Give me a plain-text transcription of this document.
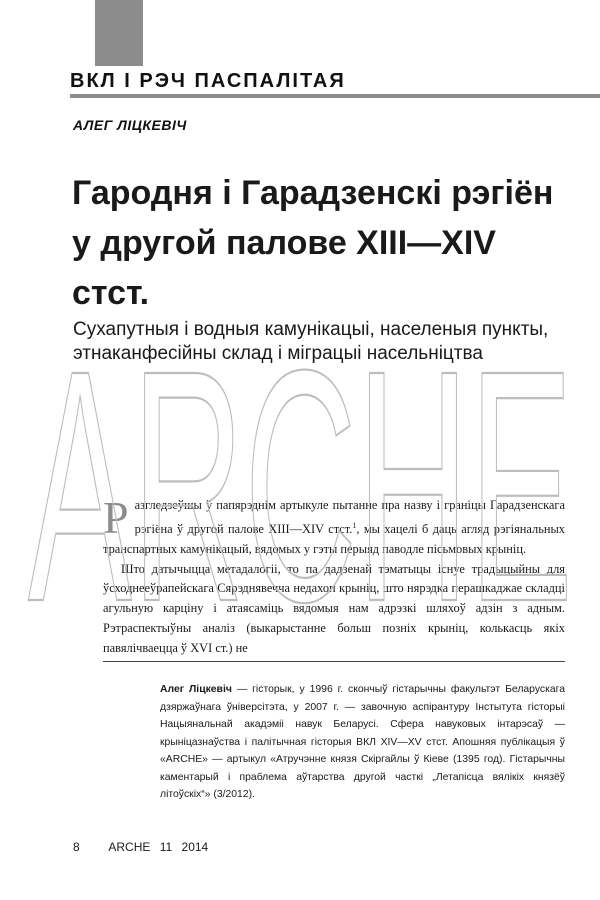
ВКЛ І РЭЧ ПАСПАЛІТАЯ
АЛЕГ ЛІЦКЕВІЧ
Гародня і Гарадзенскі рэгіён у другой палове XIII—XIV стст.

Сухапутныя і водныя камунікацыі, населеныя пункты, этнаканфесійны склад і міграцыі насельніцтва

Разгледзеўшы ў папярэднім артыкуле пытанне пра назву і граніцы Гарадзенскага рэгіёна ў другой палове XIII—XIV стст.$^1$, мы хацелі б даць агляд рэгіянальных транспартных камунікацый, вядомых у гэты перыяд паводле пісьмовых крыніц.

Што датычыцца метадалогіі, то па дадзенай тэматыцы існуе традыцыйны для ўсходнееўрапейскага Сярэднявечча недахоп крыніц, што нярэдка перашкаджае складці агульную карціну і атаясаміць вядомыя нам адрэзкі шляхоў адзін з адным. Рэтраспектыўны аналіз (выкарыстанне больш позніх крыніц, колькасць якіх павялічваецца ў XVI ст.) не

Алег Ліцкевіч — гісторык, у 1996 г. скончыў гістарычны факультэт Беларускага дзяржаўнага ўніверсітэта, у 2007 г. — завочную аспірантуру Інстытута гісторыі Нацыянальнай акадэміі навук Беларусі. Сфера навуковых інтарэсаў — крыніцазнаўства і палітычная гісторыя ВКЛ XIV—XV стст. Апошняя публікацыя ў «ARCHE» — артыкул «Атручэнне князя Скіргайлы ў Кіеве (1395 год). Гістарычны каментарый і праблема аўтарства другой часткі „Летапісца вялікіх князёў літоўскіх“» (3/2012).

8 ARCHE 11 2014
ARCHE
